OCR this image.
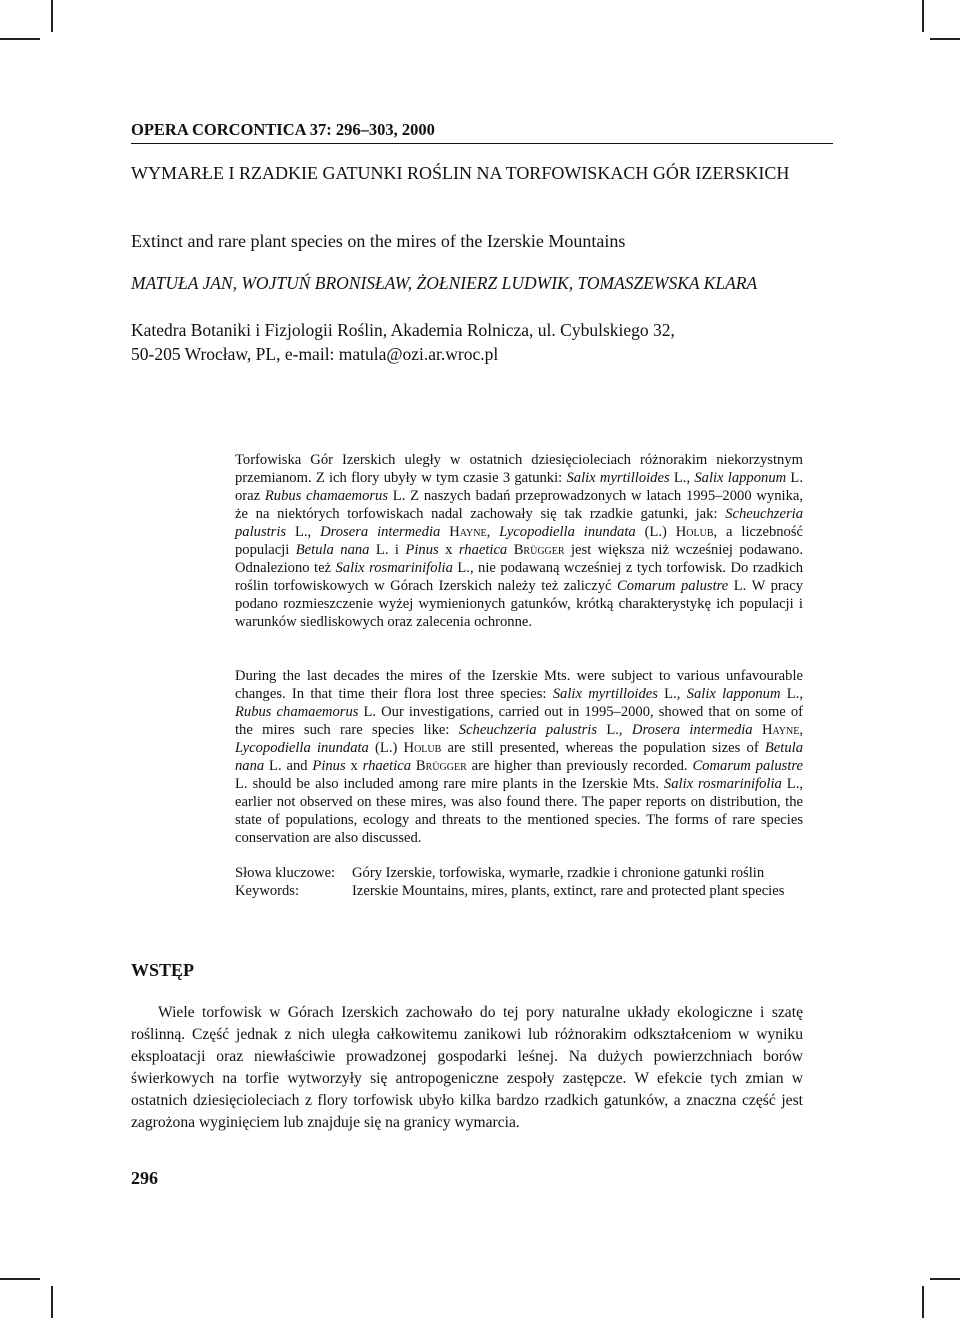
OPERA CORCONTICA 37: 296–303, 2000
WYMARŁE I RZADKIE GATUNKI ROŚLIN NA TORFOWISKACH GÓR IZERSKICH
Extinct and rare plant species on the mires of the Izerskie Mountains
MATUŁA JAN, WOJTUŃ BRONISŁAW, ŻOŁNIERZ LUDWIK, TOMASZEWSKA KLARA
Katedra Botaniki i Fizjologii Roślin, Akademia Rolnicza, ul. Cybulskiego 32,
50-205 Wrocław, PL, e-mail: matula@ozi.ar.wroc.pl
Torfowiska Gór Izerskich uległy w ostatnich dziesięcioleciach różnorakim niekorzystnym przemianom. Z ich flory ubyły w tym czasie 3 gatunki: Salix myrtilloides L., Salix lapponum L. oraz Rubus chamaemorus L. Z naszych badań przeprowadzonych w latach 1995–2000 wynika, że na niektórych torfowiskach nadal zachowały się tak rzadkie gatunki, jak: Scheuchzeria palustris L., Drosera intermedia Hayne, Lycopodiella inundata (L.) Holub, a liczebność populacji Betula nana L. i Pinus x rhaetica Brügger jest większa niż wcześniej podawano. Odnaleziono też Salix rosmarinifolia L., nie podawaną wcześniej z tych torfowisk. Do rzadkich roślin torfowiskowych w Górach Izerskich należy też zaliczyć Comarum palustre L. W pracy podano rozmieszczenie wyżej wymienionych gatunków, krótką charakterystykę ich populacji i warunków siedliskowych oraz zalecenia ochronne.
During the last decades the mires of the Izerskie Mts. were subject to various unfavourable changes. In that time their flora lost three species: Salix myrtilloides L., Salix lapponum L., Rubus chamaemorus L. Our investigations, carried out in 1995–2000, showed that on some of the mires such rare species like: Scheuchzeria palustris L., Drosera intermedia Hayne, Lycopodiella inundata (L.) Holub are still presented, whereas the population sizes of Betula nana L. and Pinus x rhaetica Brügger are higher than previously recorded. Comarum palustre L. should be also included among rare mire plants in the Izerskie Mts. Salix rosmarinifolia L., earlier not observed on these mires, was also found there. The paper reports on distribution, the state of populations, ecology and threats to the mentioned species. The forms of rare species conservation are also discussed.
Słowa kluczowe: Góry Izerskie, torfowiska, wymarłe, rzadkie i chronione gatunki roślin
Keywords:	Izerskie Mountains, mires, plants, extinct, rare and protected plant species
WSTĘP
Wiele torfowisk w Górach Izerskich zachowało do tej pory naturalne układy ekologiczne i szatę roślinną. Część jednak z nich uległa całkowitemu zanikowi lub różnorakim odkształceniom w wyniku eksploatacji oraz niewłaściwie prowadzonej gospodarki leśnej. Na dużych powierzchniach borów świerkowych na torfie wytworzyły się antropogeniczne zespoły zastępcze. W efekcie tych zmian w ostatnich dziesięcioleciach z flory torfowisk ubyło kilka bardzo rzadkich gatunków, a znaczna część jest zagrożona wyginięciem lub znajduje się na granicy wymarcia.
296
